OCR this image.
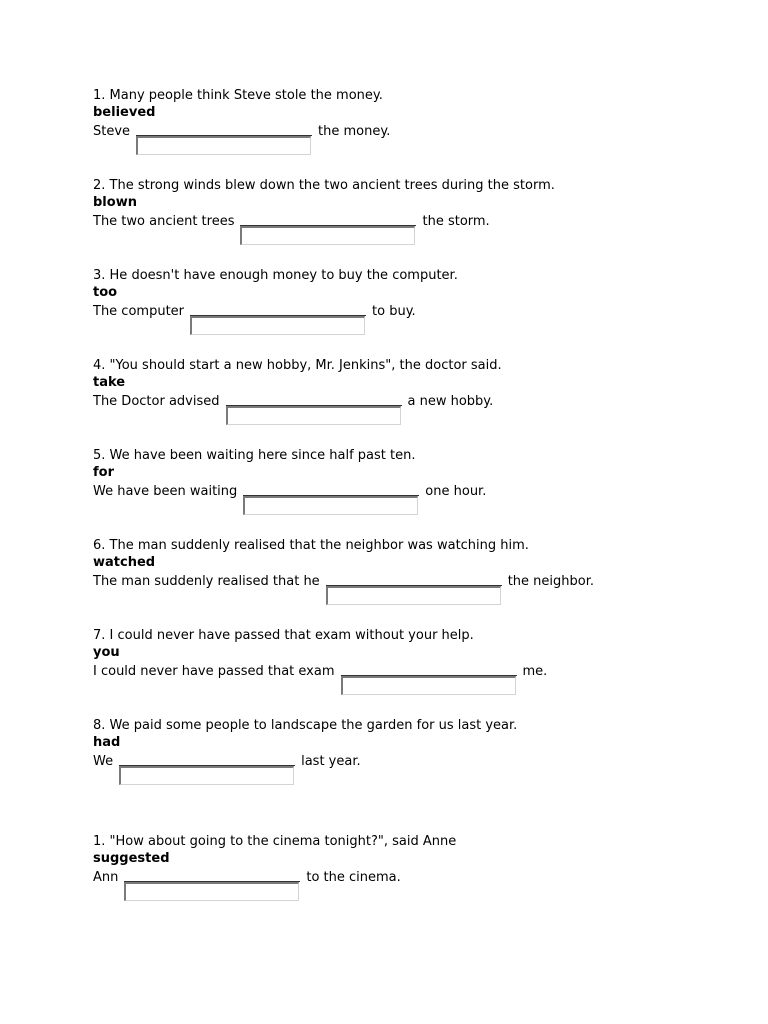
1. Many people think Steve stole the money.
believed
Steve	the money.
2. The strong winds blew down the two ancient trees during the storm.
blown
The two ancient trees	the storm.
3. He doesn't have enough money to buy the computer.
too
The computer	to buy.
4. "You should start a new hobby, Mr. Jenkins", the doctor said.
take
The Doctor advised	a new hobby.
5. We have been waiting here since half past ten.
for
We have been waiting	one hour.
6. The man suddenly realised that the neighbor was watching him.
watched
The man suddenly realised that he	the neighbor.
7. I could never have passed that exam without your help.
you
I could never have passed that exam	me.
8. We paid some people to landscape the garden for us last year.
had
We	last year.
1. "How about going to the cinema tonight?", said Anne
suggested
Ann	to the cinema.
